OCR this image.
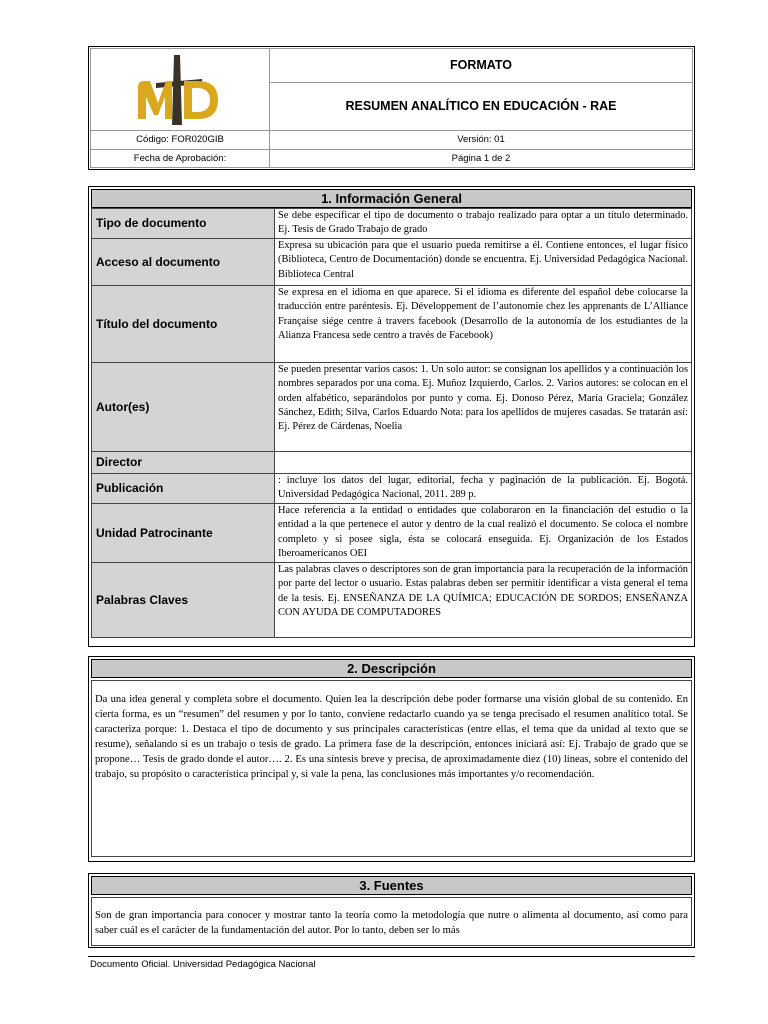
	FORMATO
	RESUMEN ANALÍTICO EN EDUCACIÓN - RAE
Código: FOR020GIB	Versión: 01
Fecha de Aprobación:	Página 1 de 2
1. Información General
Tipo de documento	Se debe especificar el tipo de documento o trabajo realizado para optar a un título determinado. Ej. Tesis de Grado Trabajo de grado
Acceso al documento	Expresa su ubicación para que el usuario pueda remitirse a él. Contiene entonces, el lugar físico (Biblioteca, Centro de Documentación) donde se encuentra. Ej. Universidad Pedagógica Nacional. Biblioteca Central
Título del documento	Se expresa en el idioma en que aparece. Si el idioma es diferente del español debe colocarse la traducción entre paréntesis. Ej. Développement de l’autonomie chez les apprenants de L’Alliance Française siége centre à travers facebook (Desarrollo de la autonomía de los estudiantes de la Alianza Francesa sede centro a través de Facebook)
Autor(es)	Se pueden presentar varios casos: 1. Un solo autor: se consignan los apellidos y a continuación los nombres separados por una coma. Ej. Muñoz Izquierdo, Carlos. 2. Varios autores: se colocan en el orden alfabético, separándolos por punto y coma. Ej. Donoso Pérez, María Graciela; González Sánchez, Edith; Silva, Carlos Eduardo Nota: para los apellidos de mujeres casadas. Se tratarán así: Ej. Pérez de Cárdenas, Noelia
Director	
Publicación	: incluye los datos del lugar, editorial, fecha y paginación de la publicación. Ej. Bogotá. Universidad Pedagógica Nacional, 2011. 289 p.
Unidad Patrocinante	Hace referencia a la entidad o entidades que colaboraron en la financiación del estudio o la entidad a la que pertenece el autor y dentro de la cual realizó el documento. Se coloca el nombre completo y si posee sigla, ésta se colocará enseguida. Ej. Organización de los Estados Iberoamericanos OEI
Palabras Claves	Las palabras claves o descriptores son de gran importancia para la recuperación de la información por parte del lector o usuario. Estas palabras deben ser permitir identificar a vista general el tema de la tesis. Ej. ENSEÑANZA DE LA QUÍMICA; EDUCACIÓN DE SORDOS; ENSEÑANZA CON AYUDA DE COMPUTADORES
2. Descripción
Da una idea general y completa sobre el documento. Quien lea la descripción debe poder formarse una visión global de su contenido. En cierta forma, es un “resumen” del resumen y por lo tanto, conviene redactarlo cuando ya se tenga precisado el resumen analítico total. Se caracteriza porque: 1. Destaca el tipo de documento y sus principales características (entre ellas, el tema que da unidad al texto que se resume), señalando si es un trabajo o tesis de grado. La primera fase de la descripción, entonces iniciará así: Ej. Trabajo de grado que se propone… Tesis de grado donde el autor…. 2. Es una síntesis breve y precisa, de aproximadamente diez (10) líneas, sobre el contenido del trabajo, su propósito o característica principal y, si vale la pena, las conclusiones más importantes y/o recomendación.
3. Fuentes
Son de gran importancia para conocer y mostrar tanto la teoría como la metodología que nutre o alimenta al documento, así como para saber cuál es el carácter de la fundamentación del autor. Por lo tanto, deben ser lo más
Documento Oficial. Universidad Pedagógica Nacional
